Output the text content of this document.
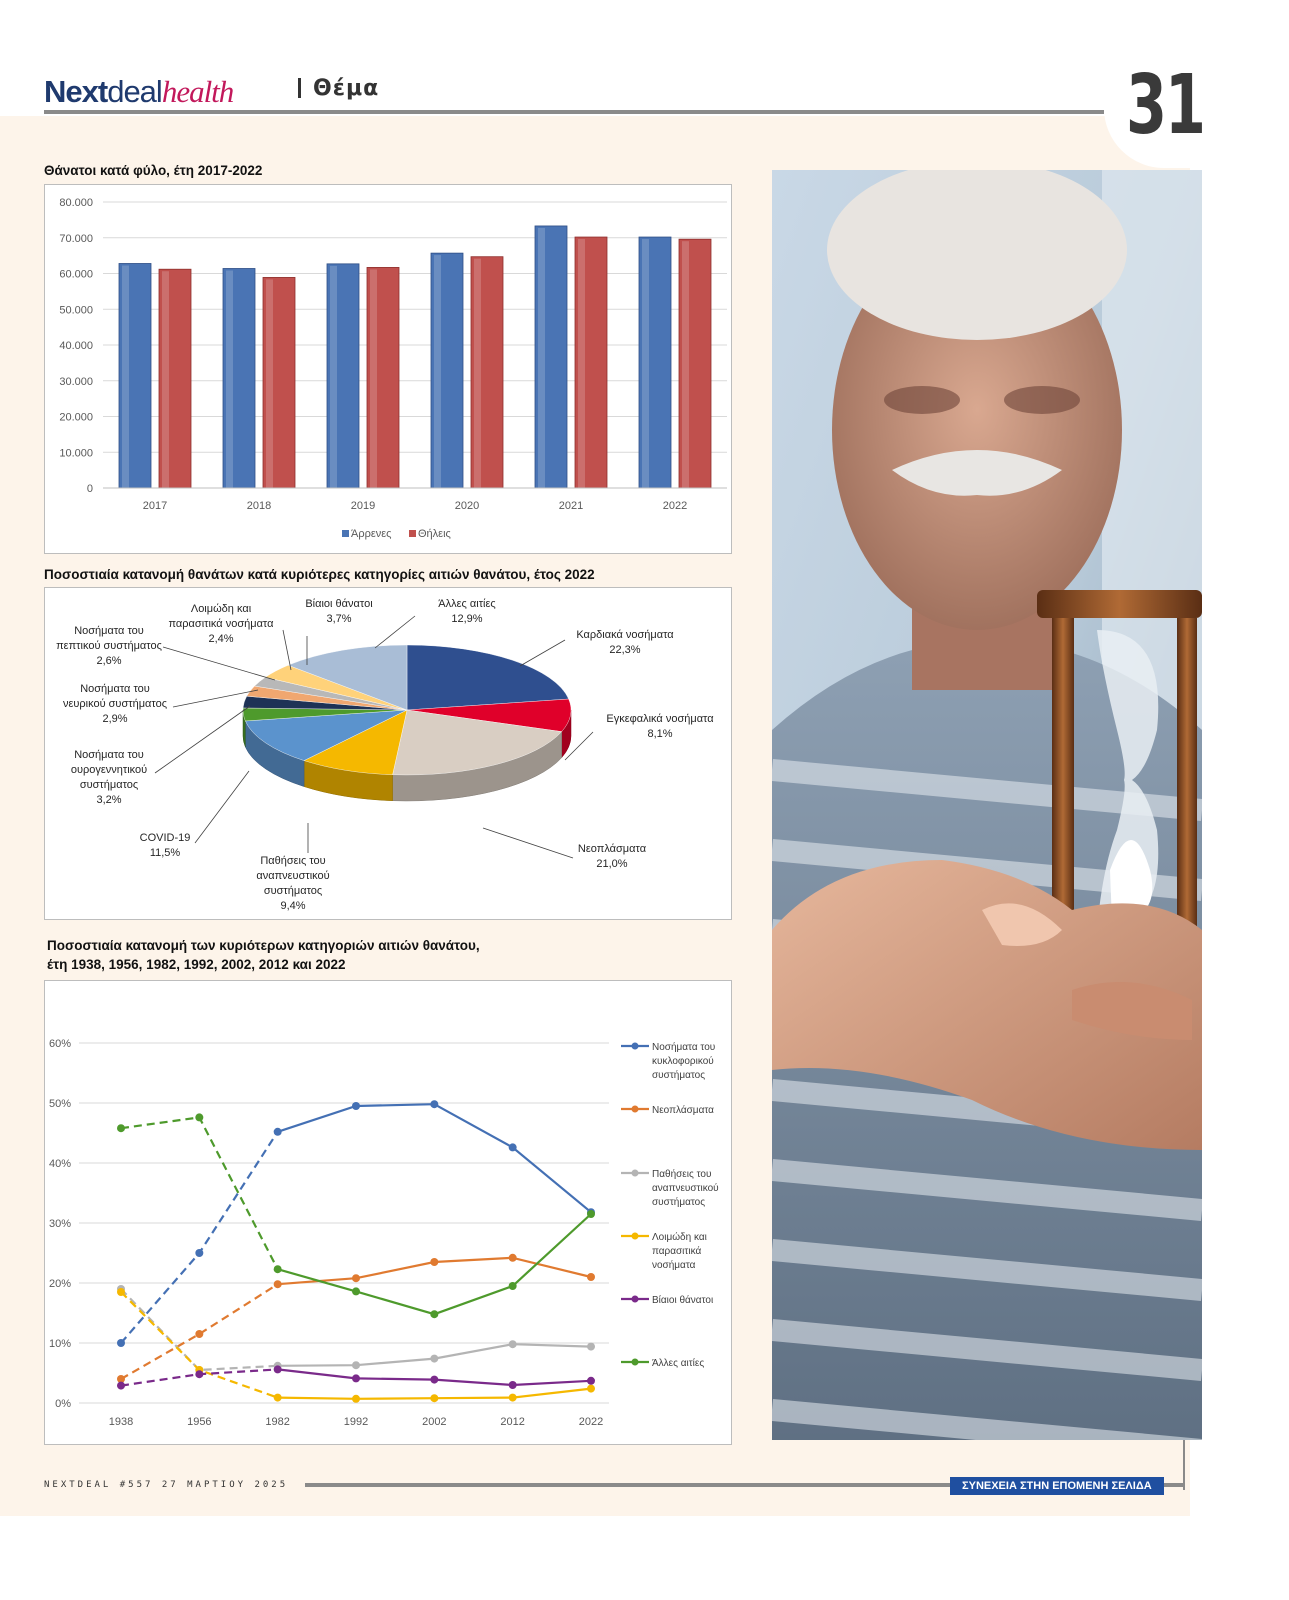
Nextdealhealth	Θέμα	31
Θάνατοι κατά φύλο, έτη 2017-2022
0
10.000
20.000
30.000
40.000
50.000
60.000
70.000
80.000
2017	2018	2019	2020	2021	2022
Άρρενες Θήλεις
Ποσοστιαία κατανομή θανάτων κατά κυριότερες κατηγορίες αιτιών θανάτου, έτος 2022
Καρδιακά νοσήματα
22,3%
Εγκεφαλικά νοσήματα
8,1%
Νεοπλάσματα
21,0%
Παθήσεις του
αναπνευστικού
συστήματος
9,4%
COVID-19
11,5%
Νοσήματα του
ουρογεννητικού
συστήματος
3,2%
Νοσήματα του
νευρικού συστήματος
2,9%
Νοσήματα του
πεπτικού συστήματος
2,6%
Λοιμώδη και
παρασιτικά νοσήματα
2,4%
Βίαιοι θάνατοι
3,7%
Άλλες αιτίες
12,9%
Ποσοστιαία κατανομή των κυριότερων κατηγοριών αιτιών θανάτου,
έτη 1938, 1956, 1982, 1992, 2002, 2012 και 2022
0%
10%
20%
30%
40%
50%
60%
1938	1956	1982	1992	2002	2012	2022
Νοσήματα του
κυκλοφορικού
συστήματος
Νεοπλάσματα
Παθήσεις του
αναπνευστικού
συστήματος
Λοιμώδη και
παρασιτικά
νοσήματα
Βίαιοι θάνατοι
Άλλες αιτίες
NEXTDEAL #557 27 ΜΑΡΤΙΟΥ 2025	ΣΥΝΕΧΕΙΑ ΣΤΗΝ ΕΠΟΜΕΝΗ ΣΕΛΙΔΑ
